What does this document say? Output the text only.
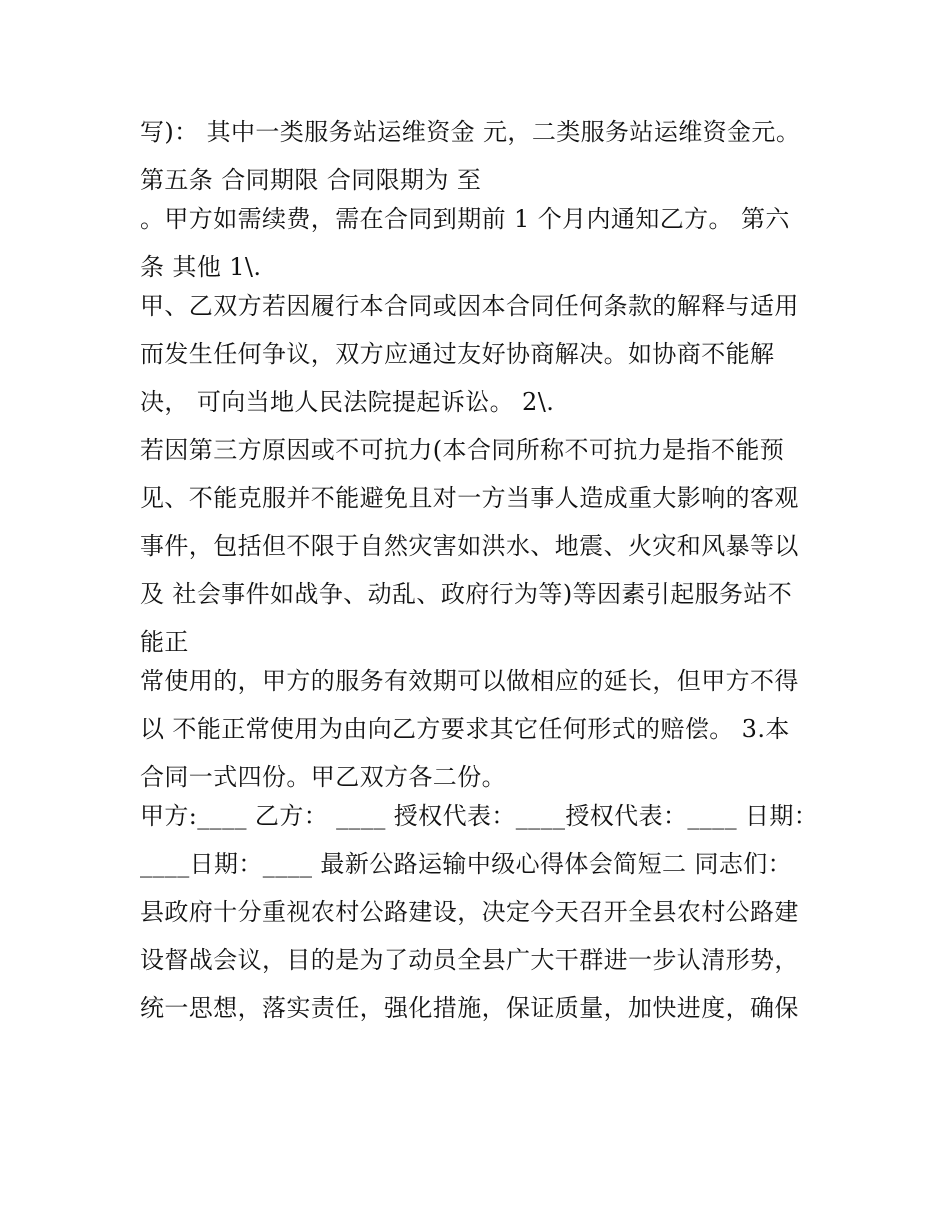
写)： 其中一类服务站运维资金 元，二类服务站运维资金元。
第五条 合同期限 合同限期为 至
。甲方如需续费，需在合同到期前 1 个月内通知乙方。 第六
条 其他 1\.
甲、乙双方若因履行本合同或因本合同任何条款的解释与适用
而发生任何争议，双方应通过友好协商解决。如协商不能解
决， 可向当地人民法院提起诉讼。 2\.
若因第三方原因或不可抗力(本合同所称不可抗力是指不能预
见、不能克服并不能避免且对一方当事人造成重大影响的客观
事件，包括但不限于自然灾害如洪水、地震、火灾和风暴等以
及 社会事件如战争、动乱、政府行为等)等因素引起服务站不
能正
常使用的，甲方的服务有效期可以做相应的延长，但甲方不得
以 不能正常使用为由向乙方要求其它任何形式的赔偿。 3.本
合同一式四份。甲乙双方各二份。
甲方:____ 乙方： ____ 授权代表：____授权代表：____ 日期：
____日期：____ 最新公路运输中级心得体会简短二 同志们：
县政府十分重视农村公路建设，决定今天召开全县农村公路建
设督战会议，目的是为了动员全县广大干群进一步认清形势，
统一思想，落实责任，强化措施，保证质量，加快进度，确保
